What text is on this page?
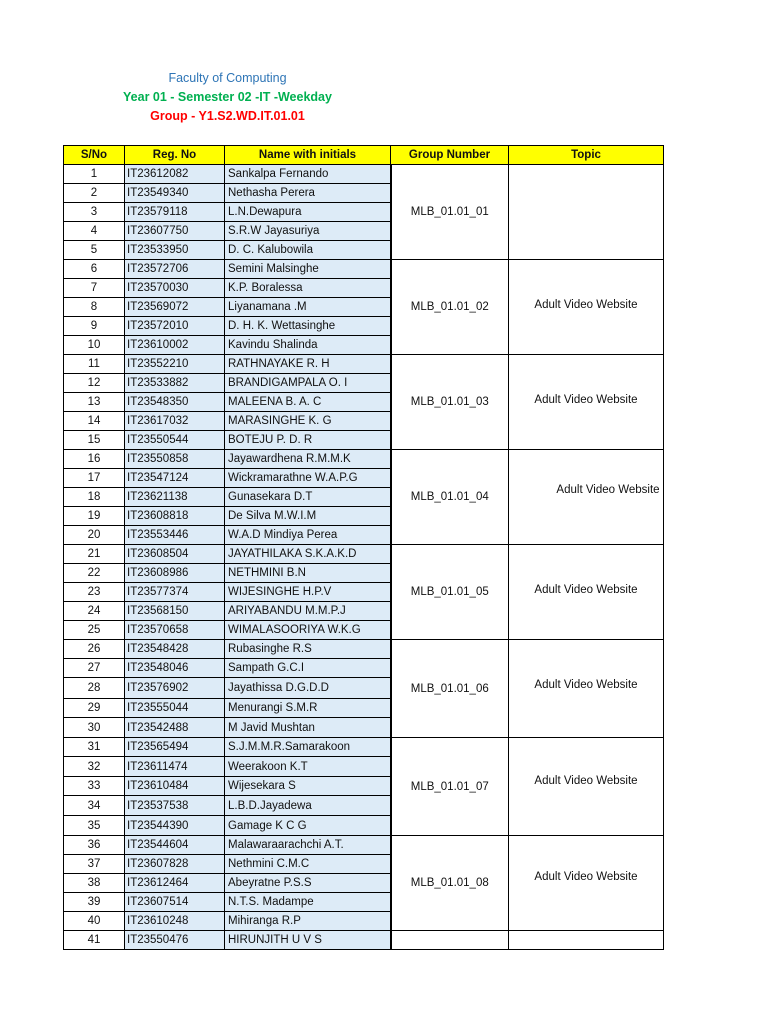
Faculty of Computing
Year 01 - Semester 02 -IT -Weekday
Group - Y1.S2.WD.IT.01.01
S/No	Reg. No	Name with initials	Group Number	Topic
1	IT23612082	Sankalpa Fernando	MLB_01.01_01	
2	IT23549340	Nethasha Perera		
3	IT23579118	L.N.Dewapura		
4	IT23607750	S.R.W Jayasuriya		
5	IT23533950	D. C. Kalubowila		
6	IT23572706	Semini Malsinghe	MLB_01.01_02	Adult Video Website
7	IT23570030	K.P. Boralessa		
8	IT23569072	Liyanamana .M		
9	IT23572010	D. H. K. Wettasinghe		
10	IT23610002	Kavindu Shalinda		
11	IT23552210	RATHNAYAKE R. H	MLB_01.01_03	Adult Video Website
12	IT23533882	BRANDIGAMPALA O. I		
13	IT23548350	MALEENA B. A. C		
14	IT23617032	MARASINGHE K. G		
15	IT23550544	BOTEJU P. D. R		
16	IT23550858	Jayawardhena R.M.M.K	MLB_01.01_04	Adult Video Website
17	IT23547124	Wickramarathne W.A.P.G		
18	IT23621138	Gunasekara D.T		
19	IT23608818	De Silva M.W.I.M		
20	IT23553446	W.A.D Mindiya Perea		
21	IT23608504	JAYATHILAKA S.K.A.K.D	MLB_01.01_05	Adult Video Website
22	IT23608986	NETHMINI B.N		
23	IT23577374	WIJESINGHE H.P.V		
24	IT23568150	ARIYABANDU M.M.P.J		
25	IT23570658	WIMALASOORIYA W.K.G		
26	IT23548428	Rubasinghe R.S	MLB_01.01_06	Adult Video Website
27	IT23548046	Sampath G.C.I		
28	IT23576902	Jayathissa D.G.D.D		
29	IT23555044	Menurangi S.M.R		
30	IT23542488	M Javid Mushtan		
31	IT23565494	S.J.M.M.R.Samarakoon	MLB_01.01_07	Adult Video Website
32	IT23611474	Weerakoon K.T		
33	IT23610484	Wijesekara S		
34	IT23537538	L.B.D.Jayadewa		
35	IT23544390	Gamage K C G		
36	IT23544604	Malawaraarachchi A.T.	MLB_01.01_08	Adult Video Website
37	IT23607828	Nethmini C.M.C		
38	IT23612464	Abeyratne P.S.S		
39	IT23607514	N.T.S. Madampe		
40	IT23610248	Mihiranga R.P		
41	IT23550476	HIRUNJITH U V S		
